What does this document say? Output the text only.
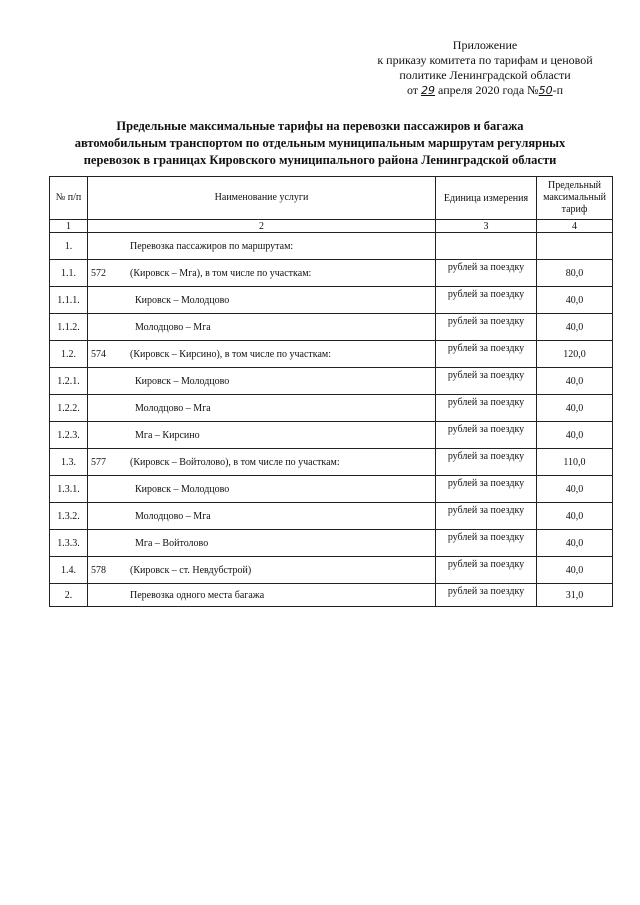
Приложение
к приказу комитета по тарифам и ценовой
политике Ленинградской области
от 29 апреля 2020 года №50-п
Предельные максимальные тарифы на перевозки пассажиров и багажа
автомобильным транспортом по отдельным муниципальным маршрутам регулярных
перевозок в границах Кировского муниципального района Ленинградской области
№ п/п	Наименование услуги		Единица измерения	Предельный максимальный тариф
1	2		3	4
1.		Перевозка пассажиров по маршрутам:		
1.1.	572	(Кировск – Мга), в том числе по участкам:	рублей за поездку	80,0
1.1.1.		Кировск – Молодцово	рублей за поездку	40,0
1.1.2.		Молодцово – Мга	рублей за поездку	40,0
1.2.	574	(Кировск – Кирсино), в том числе по участкам:	рублей за поездку	120,0
1.2.1.		Кировск – Молодцово	рублей за поездку	40,0
1.2.2.		Молодцово – Мга	рублей за поездку	40,0
1.2.3.		Мга – Кирсино	рублей за поездку	40,0
1.3.	577	(Кировск – Войтолово), в том числе по участкам:	рублей за поездку	110,0
1.3.1.		Кировск – Молодцово	рублей за поездку	40,0
1.3.2.		Молодцово – Мга	рублей за поездку	40,0
1.3.3.		Мга – Войтолово	рублей за поездку	40,0
1.4.	578	(Кировск – ст. Невдубстрой)	рублей за поездку	40,0
2.		Перевозка одного места багажа	рублей за поездку	31,0
